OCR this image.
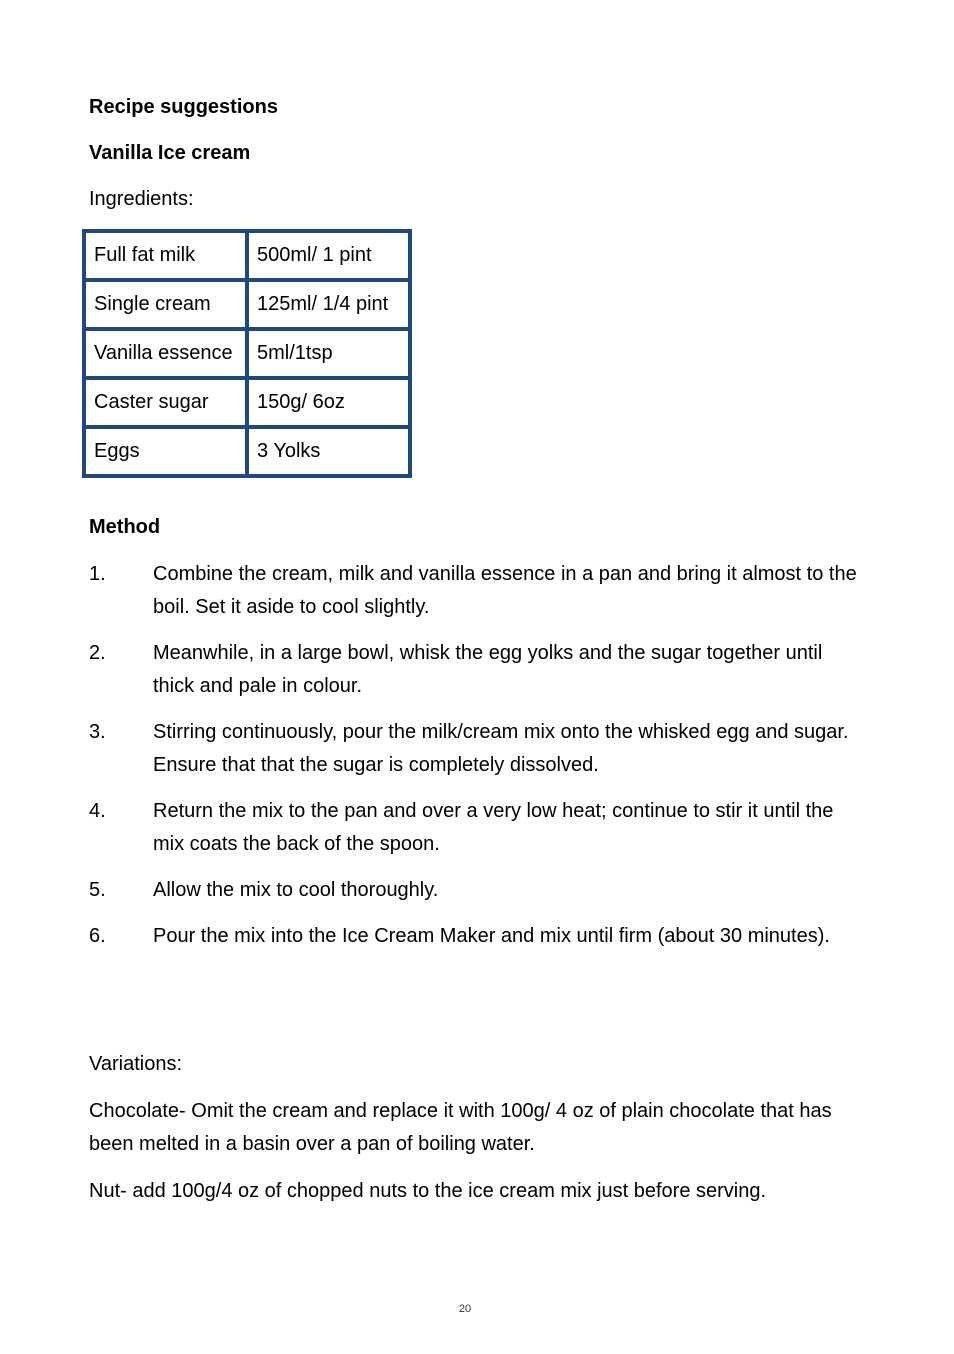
Recipe suggestions
Vanilla Ice cream
Ingredients:
Full fat milk	500ml/ 1 pint
Single cream	125ml/ 1/4 pint
Vanilla essence	5ml/1tsp
Caster sugar	150g/ 6oz
Eggs	3 Yolks
Method
1. Combine the cream, milk and vanilla essence in a pan and bring it almost to the boil. Set it aside to cool slightly.
2. Meanwhile, in a large bowl, whisk the egg yolks and the sugar together until thick and pale in colour.
3. Stirring continuously, pour the milk/cream mix onto the whisked egg and sugar. Ensure that that the sugar is completely dissolved.
4. Return the mix to the pan and over a very low heat; continue to stir it until the mix coats the back of the spoon.
5. Allow the mix to cool thoroughly.
6. Pour the mix into the Ice Cream Maker and mix until firm (about 30 minutes).
Variations:
Chocolate- Omit the cream and replace it with 100g/ 4 oz of plain chocolate that has been melted in a basin over a pan of boiling water.
Nut- add 100g/4 oz of chopped nuts to the ice cream mix just before serving.
20
